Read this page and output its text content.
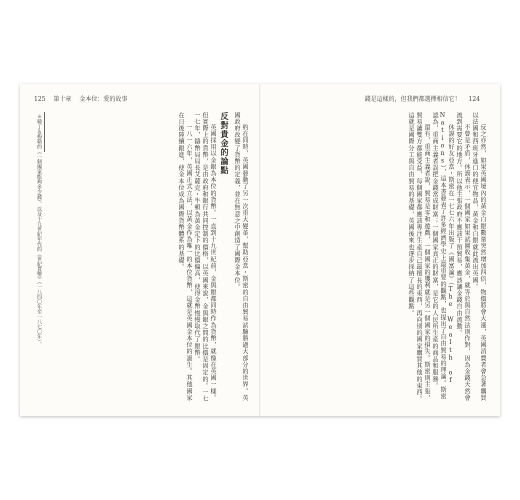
125 第十章 金本位：愛的故事

約在同時，英國發動了另一次重大變革，幫助亞當・斯密的自由貿易試驗勝過大部分的世界。英國政府改變了貨幣的定義，並在無意之中創造了國際金本位。

反對貴金的論點

英國採用以金銀為本位的貨幣。一直到十九世紀前，金與銀都同時作為貨幣，就像在英國一樣。但實際上的貨幣，是由政府和銀行共同控制的價格，以英國來說，金與銀之間的比價是固定的。一七一七年，鑄幣局局長艾薩克・牛頓為黃金定下的比價偏高，使得金幣慢慢取代了銀幣。

一八一六年，英國正式立法，以黃金作為唯一的本位貨幣，這就是英國金本位的誕生。其他國家在日後陸續跟進，使金本位成為國際貨幣體系的基礎。

＊韓丁＆梅勒的《一個國家能夠多少錢》、以及十九世紀年代的《世紀貨幣》（一八四〇年至一八七〇年）。
錢是這樣的，但我們都選擇相信它！ 124

反之亦然，如果英國境內的黃金白銀數量突然增加四倍，物價將會大漲，英國消費者會急著購買以法國和西班牙進口的便宜物品，黃金和白銀就此流出英國。

不曾是矛盾，休謨表示，一個國家如果試圖收集黃金，就等於與自然法則作對，因為金錢天然會流到需要它的地方。所以他主張政府不應該干預貿易，應該讓金錢自由流動。

休謨的好友亞當・斯密在一七七六年出版了《國富論》（The Wealth of Nations），這本書發表了許多經濟學史上最重要的觀點，也提出了自由貿易的理論。斯密認為，重商主義者誤把金錢當成財富；一個國家真正的財富，是它的人民所生產的商品和服務。

還有，重商主義者說，貿易是零和遊戲，一個國家的獲利就是另一個國家的損失。斯密則主張，貿易讓雙方都能受益，每個國家都應該專注生產自己最擅長的東西，再向別的國家購買其他的東西。這就是國際分工與自由貿易的基礎，英國後來也逐步採納了這些觀點。
